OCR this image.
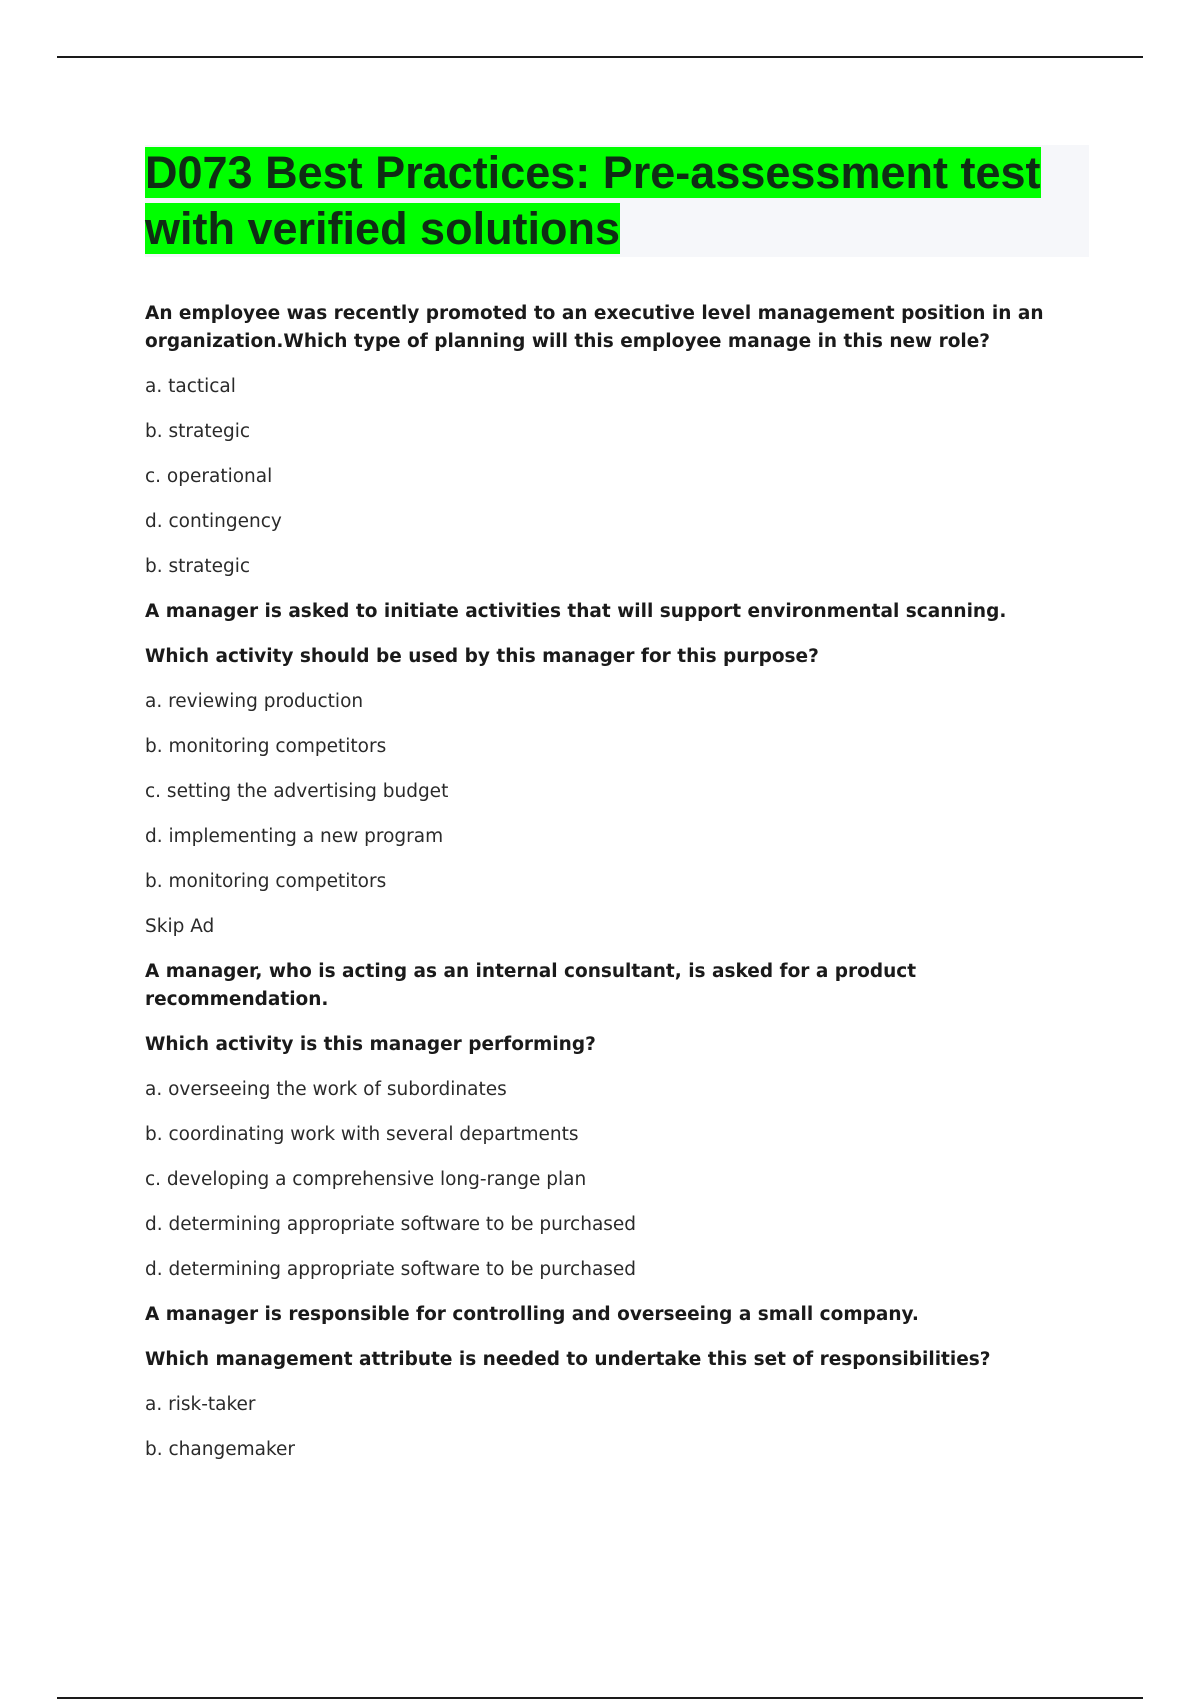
D073 Best Practices: Pre-assessment test with verified solutions
An employee was recently promoted to an executive level management position in an organization.Which type of planning will this employee manage in this new role?
a. tactical
b. strategic
c. operational
d. contingency
b. strategic
A manager is asked to initiate activities that will support environmental scanning.
Which activity should be used by this manager for this purpose?
a. reviewing production
b. monitoring competitors
c. setting the advertising budget
d. implementing a new program
b. monitoring competitors
Skip Ad
A manager, who is acting as an internal consultant, is asked for a product recommendation.
Which activity is this manager performing?
a. overseeing the work of subordinates
b. coordinating work with several departments
c. developing a comprehensive long-range plan
d. determining appropriate software to be purchased
d. determining appropriate software to be purchased
A manager is responsible for controlling and overseeing a small company.
Which management attribute is needed to undertake this set of responsibilities?
a. risk-taker
b. changemaker
